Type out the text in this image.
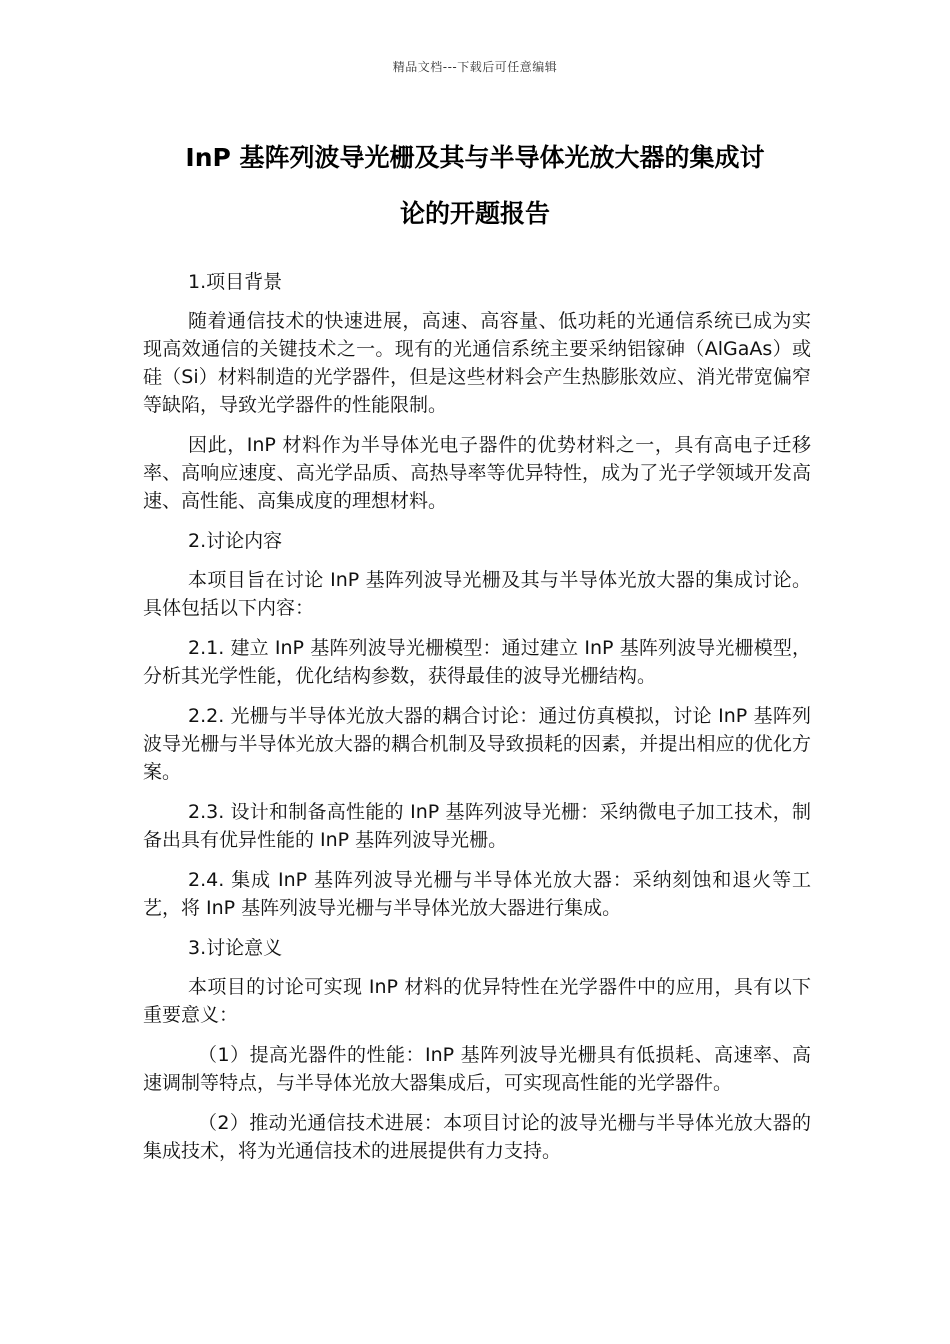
精品文档---下载后可任意编辑
InP 基阵列波导光栅及其与半导体光放大器的集成讨
论的开题报告

1.项目背景

随着通信技术的快速进展，高速、高容量、低功耗的光通信系统已成为实现高效通信的关键技术之一。现有的光通信系统主要采纳铝镓砷（AlGaAs）或硅（Si）材料制造的光学器件，但是这些材料会产生热膨胀效应、消光带宽偏窄等缺陷，导致光学器件的性能限制。

因此，InP 材料作为半导体光电子器件的优势材料之一，具有高电子迁移率、高响应速度、高光学品质、高热导率等优异特性，成为了光子学领域开发高速、高性能、高集成度的理想材料。

2.讨论内容

本项目旨在讨论 InP 基阵列波导光栅及其与半导体光放大器的集成讨论。具体包括以下内容：

2.1. 建立 InP 基阵列波导光栅模型：通过建立 InP 基阵列波导光栅模型，分析其光学性能，优化结构参数，获得最佳的波导光栅结构。

2.2. 光栅与半导体光放大器的耦合讨论：通过仿真模拟，讨论 InP 基阵列波导光栅与半导体光放大器的耦合机制及导致损耗的因素，并提出相应的优化方案。

2.3. 设计和制备高性能的 InP 基阵列波导光栅：采纳微电子加工技术，制备出具有优异性能的 InP 基阵列波导光栅。

2.4. 集成 InP 基阵列波导光栅与半导体光放大器：采纳刻蚀和退火等工艺，将 InP 基阵列波导光栅与半导体光放大器进行集成。

3.讨论意义

本项目的讨论可实现 InP 材料的优异特性在光学器件中的应用，具有以下重要意义：

（1）提高光器件的性能：InP 基阵列波导光栅具有低损耗、高速率、高速调制等特点，与半导体光放大器集成后，可实现高性能的光学器件。

（2）推动光通信技术进展：本项目讨论的波导光栅与半导体光放大器的集成技术，将为光通信技术的进展提供有力支持。
